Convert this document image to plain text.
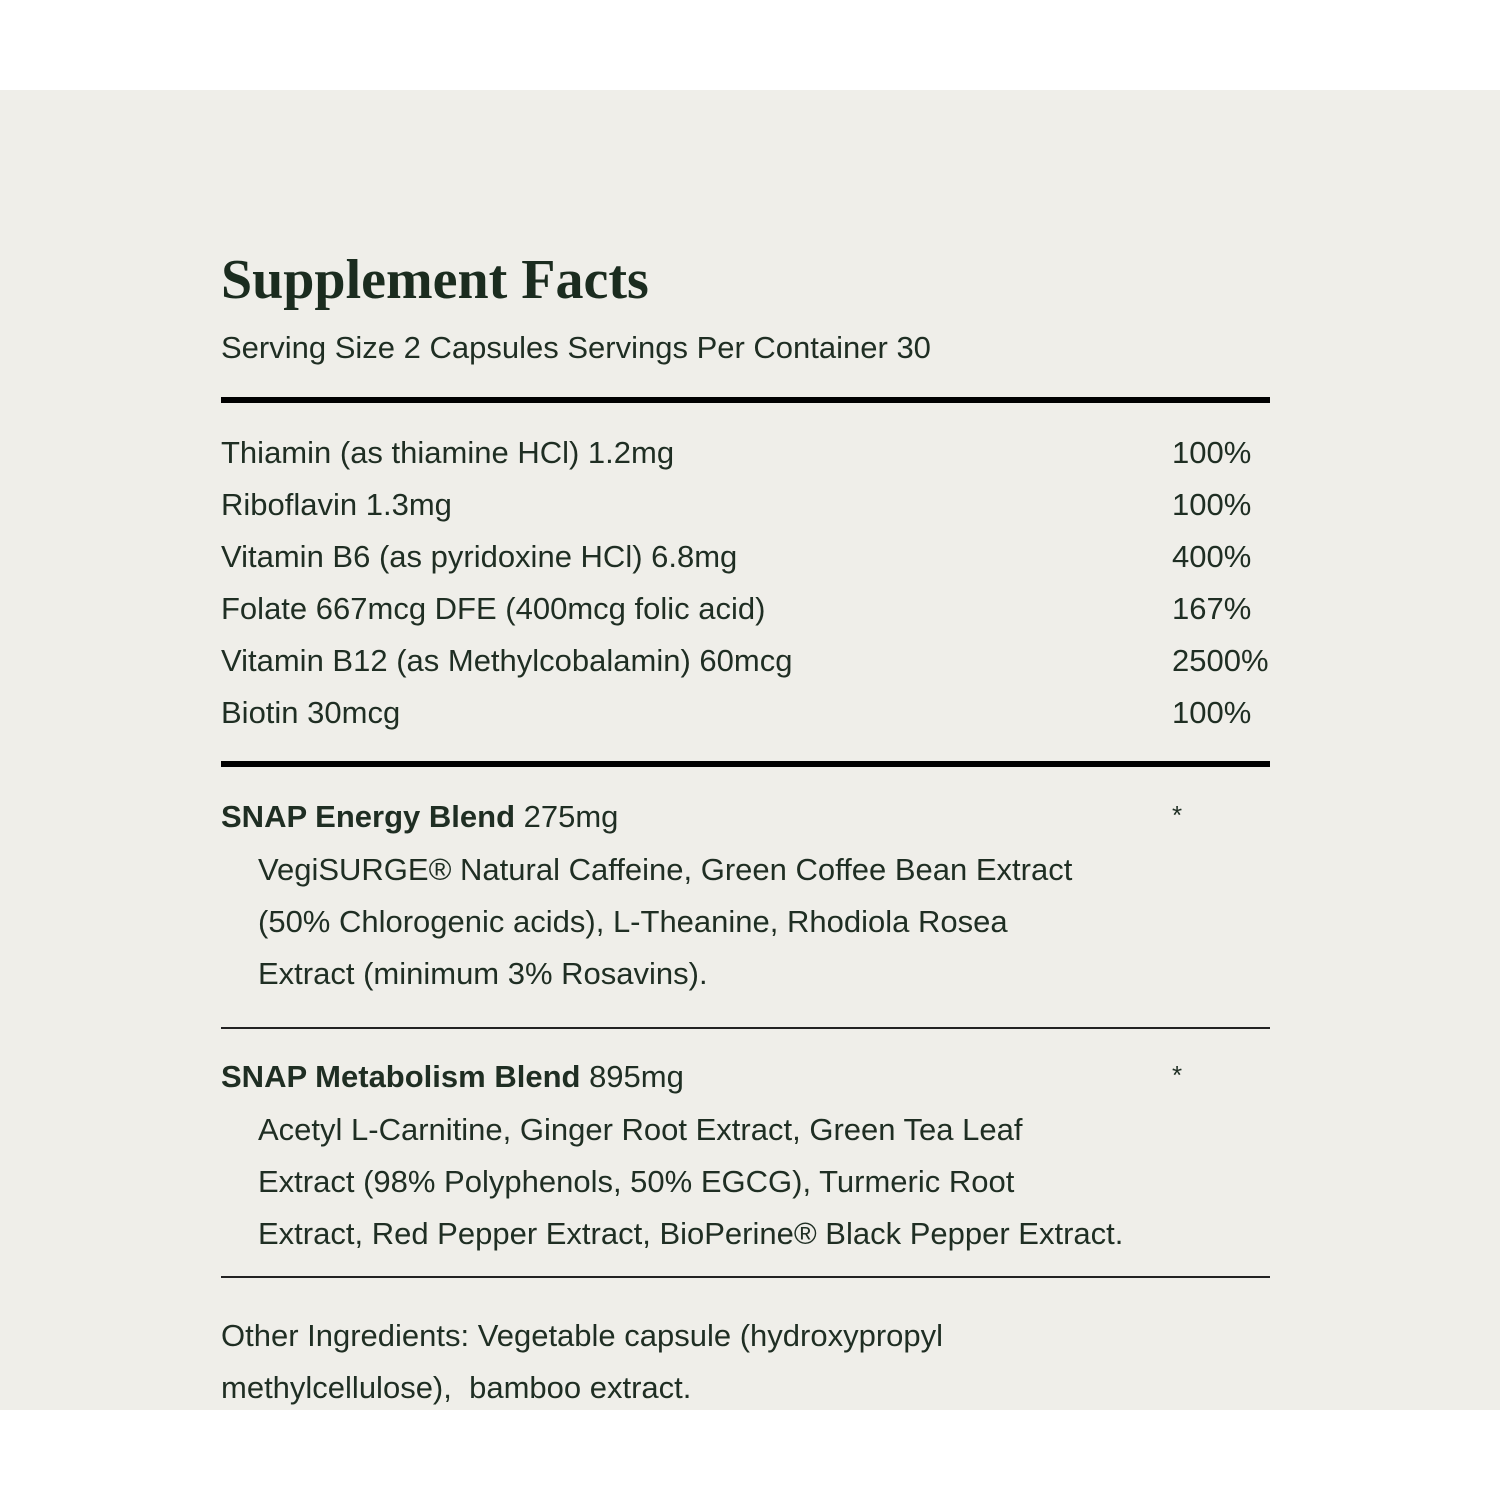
Supplement Facts
Serving Size 2 Capsules Servings Per Container 30
Thiamin (as thiamine HCl) 1.2mg	100%
Riboflavin 1.3mg	100%
Vitamin B6 (as pyridoxine HCl) 6.8mg	400%
Folate 667mcg DFE (400mcg folic acid)	167%
Vitamin B12 (as Methylcobalamin) 60mcg	2500%
Biotin 30mcg	100%
SNAP Energy Blend 275mg	*
VegiSURGE® Natural Caffeine, Green Coffee Bean Extract
(50% Chlorogenic acids), L-Theanine, Rhodiola Rosea
Extract (minimum 3% Rosavins).
SNAP Metabolism Blend 895mg	*
Acetyl L-Carnitine, Ginger Root Extract, Green Tea Leaf
Extract (98% Polyphenols, 50% EGCG), Turmeric Root
Extract, Red Pepper Extract, BioPerine® Black Pepper Extract.
Other Ingredients: Vegetable capsule (hydroxypropyl
methylcellulose),  bamboo extract.
